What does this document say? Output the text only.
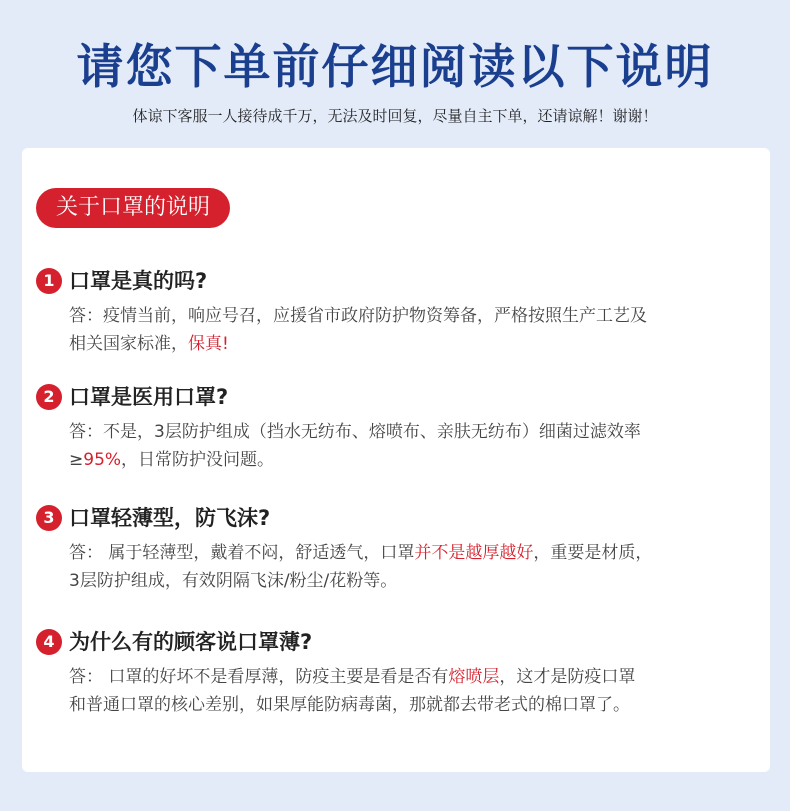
请您下单前仔细阅读以下说明
体谅下客服一人接待成千万，无法及时回复，尽量自主下单，还请谅解！谢谢！
关于口罩的说明
1 口罩是真的吗?
答：疫情当前，响应号召，应援省市政府防护物资筹备，严格按照生产工艺及
相关国家标准，保真!
2 口罩是医用口罩?
答：不是，3层防护组成（挡水无纺布、熔喷布、亲肤无纺布）细菌过滤效率
≥95%，日常防护没问题。
3 口罩轻薄型，防飞沫?
答： 属于轻薄型，戴着不闷，舒适透气，口罩并不是越厚越好，重要是材质，
3层防护组成，有效阴隔飞沫/粉尘/花粉等。
4 为什么有的顾客说口罩薄?
答： 口罩的好坏不是看厚薄，防疫主要是看是否有熔喷层，这才是防疫口罩
和普通口罩的核心差别，如果厚能防病毒菌，那就都去带老式的棉口罩了。
